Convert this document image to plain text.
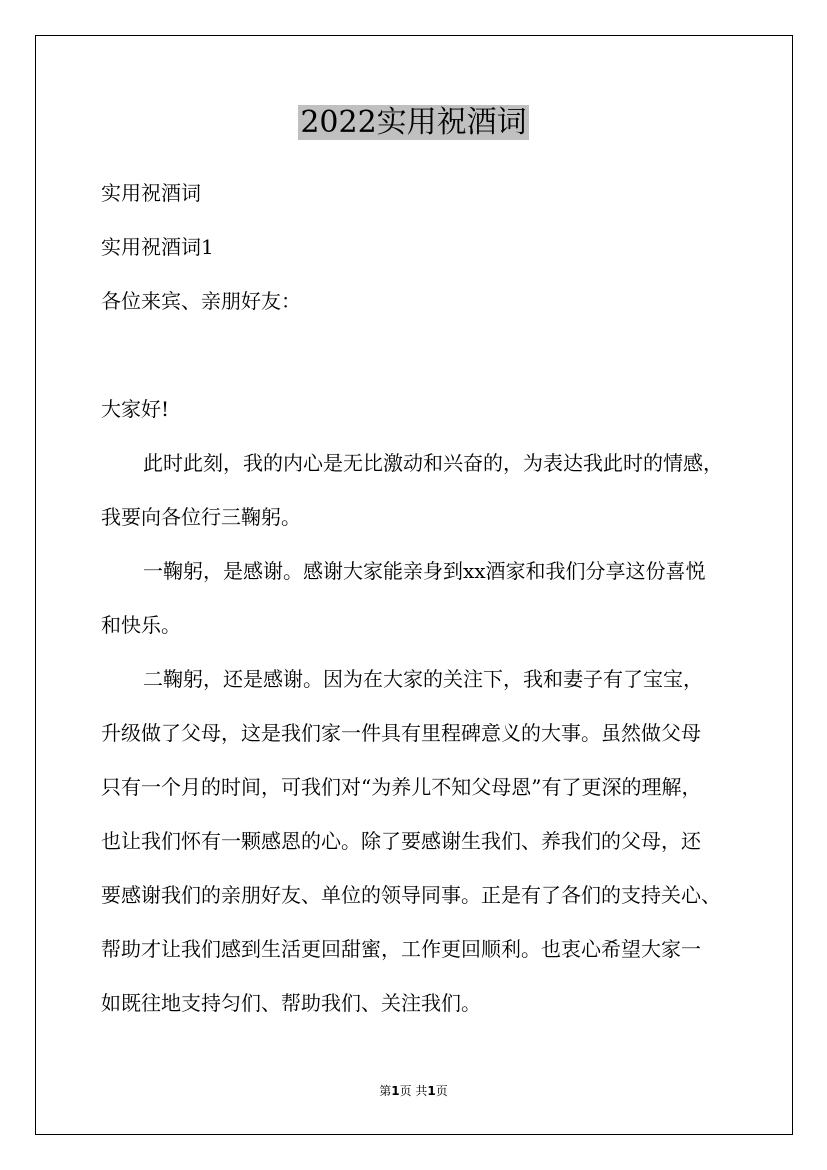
2022实用祝酒词
实用祝酒词
实用祝酒词1
各位来宾、亲朋好友：
大家好!
此时此刻，我的内心是无比激动和兴奋的，为表达我此时的情感，
我要向各位行三鞠躬。
一鞠躬，是感谢。感谢大家能亲身到xx酒家和我们分享这份喜悦
和快乐。
二鞠躬，还是感谢。因为在大家的关注下，我和妻子有了宝宝，
升级做了父母，这是我们家一件具有里程碑意义的大事。虽然做父母
只有一个月的时间，可我们对“为养儿不知父母恩”有了更深的理解，
也让我们怀有一颗感恩的心。除了要感谢生我们、养我们的父母，还
要感谢我们的亲朋好友、单位的领导同事。正是有了各们的支持关心、
帮助才让我们感到生活更回甜蜜，工作更回顺利。也衷心希望大家一
如既往地支持匀们、帮助我们、关注我们。
第1页 共1页
